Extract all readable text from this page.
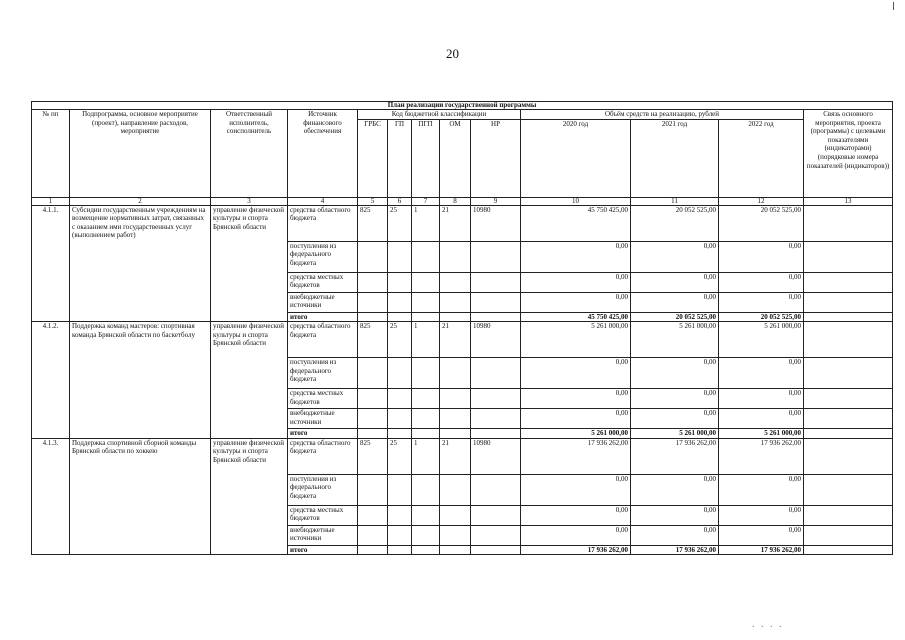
20
План реализации государственной программы												
№ пп	Подпрограмма, основное мероприятие (проект), направление расходов, мероприятие	Ответственный исполнитель, соисполнитель	Источник финансового обеспечения	Код бюджетной классификации					Объём средств на реализацию, рублей			Связь основного мероприятия, проекта (программы) с целевыми показателями (индикаторами) (порядковые номера показателей (индикаторов))
				ГРБС	ГП	ПГП	ОМ	НР	2020 год	2021 год	2022 год	
1	2	3	4	5	6	7	8	9	10	11	12	13
4.1.1.	Субсидии государственным учреждениям на возмещение нормативных затрат, связанных с оказанием ими государственных услуг (выполнением работ)	управление физической культуры и спорта Брянской области	средства областного бюджета	825	25	1	21	10980	45 750 425,00	20 052 525,00	20 052 525,00	
			поступления из федерального бюджета						0,00	0,00	0,00	
			средства местных бюджетов						0,00	0,00	0,00	
			внебюджетные источники						0,00	0,00	0,00	
			итого						45 750 425,00	20 052 525,00	20 052 525,00	
4.1.2.	Поддержка команд мастеров: спортивная команда Брянской области по баскетболу	управление физической культуры и спорта Брянской области	средства областного бюджета	825	25	1	21	10980	5 261 000,00	5 261 000,00	5 261 000,00	
			поступления из федерального бюджета						0,00	0,00	0,00	
			средства местных бюджетов						0,00	0,00	0,00	
			внебюджетные источники						0,00	0,00	0,00	
			итого						5 261 000,00	5 261 000,00	5 261 000,00	
4.1.3.	Поддержка спортивной сборной команды Брянской области по хоккею	управление физической культуры и спорта Брянской области	средства областного бюджета	825	25	1	21	10980	17 936 262,00	17 936 262,00	17 936 262,00	
			поступления из федерального бюджета						0,00	0,00	0,00	
			средства местных бюджетов						0,00	0,00	0,00	
			внебюджетные источники						0,00	0,00	0,00	
			итого						17 936 262,00	17 936 262,00	17 936 262,00	
. . . .
